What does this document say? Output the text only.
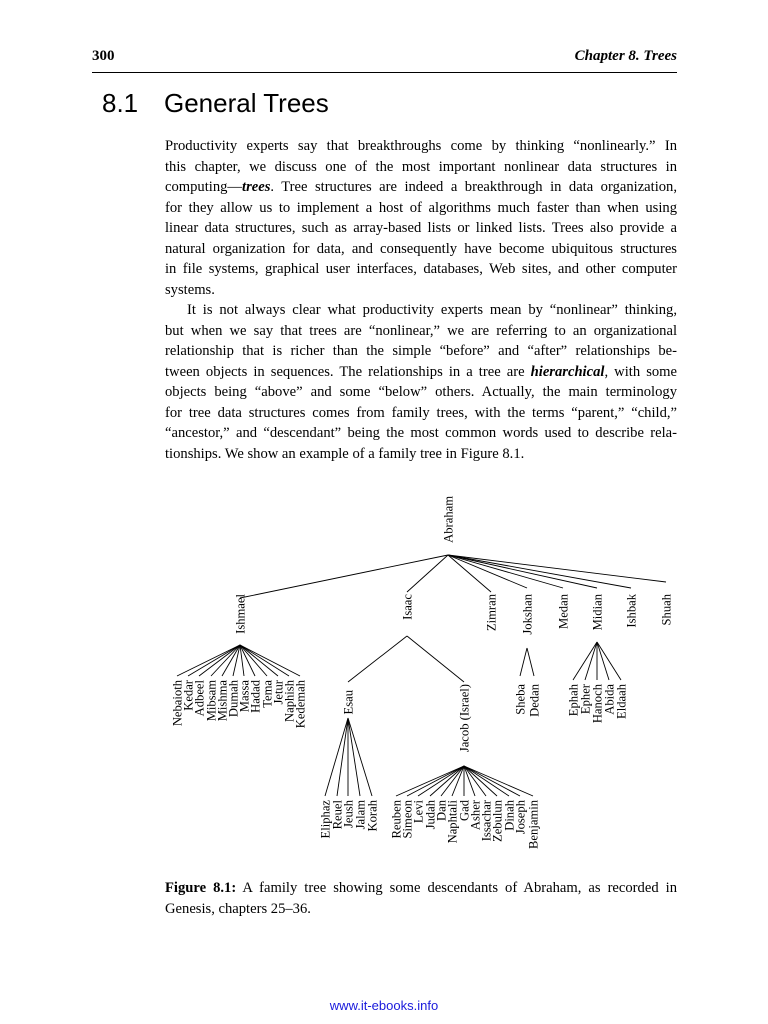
300	Chapter 8. Trees
8.1 General Trees
Productivity experts say that breakthroughs come by thinking “nonlinearly.” In
this chapter, we discuss one of the most important nonlinear data structures in
computing—trees. Tree structures are indeed a breakthrough in data organization,
for they allow us to implement a host of algorithms much faster than when using
linear data structures, such as array-based lists or linked lists. Trees also provide a
natural organization for data, and consequently have become ubiquitous structures
in file systems, graphical user interfaces, databases, Web sites, and other computer
systems.
It is not always clear what productivity experts mean by “nonlinear” thinking,
but when we say that trees are “nonlinear,” we are referring to an organizational
relationship that is richer than the simple “before” and “after” relationships be-
tween objects in sequences. The relationships in a tree are hierarchical, with some
objects being “above” and some “below” others. Actually, the main terminology
for tree data structures comes from family trees, with the terms “parent,” “child,”
“ancestor,” and “descendant” being the most common words used to describe rela-
tionships. We show an example of a family tree in Figure 8.1.
Abraham
Ishmael	Isaac	Zimran Jokshan Medan Midian Ishbak Shuah
Nebaioth
Kedar
Adbeel
Mibsam
Mishma
Dumah
Massa
Hadad
Tema
Jetur
Naphish
Kedemah	Esau	Jacob (Israel)
Eliphaz
Reuel
Jeush
Jalam
Korah Reuben
Simeon
Levi
Judah
Dan
Naphtali
Gad
Asher
Issachar
Zebulun
Dinah
Joseph Benjamin
Sheba Dedan Ephah
Epher
Hanoch
Abida
Eldaah
Figure 8.1: A family tree showing some descendants of Abraham, as recorded in
Genesis, chapters 25–36.
www.it-ebooks.info
